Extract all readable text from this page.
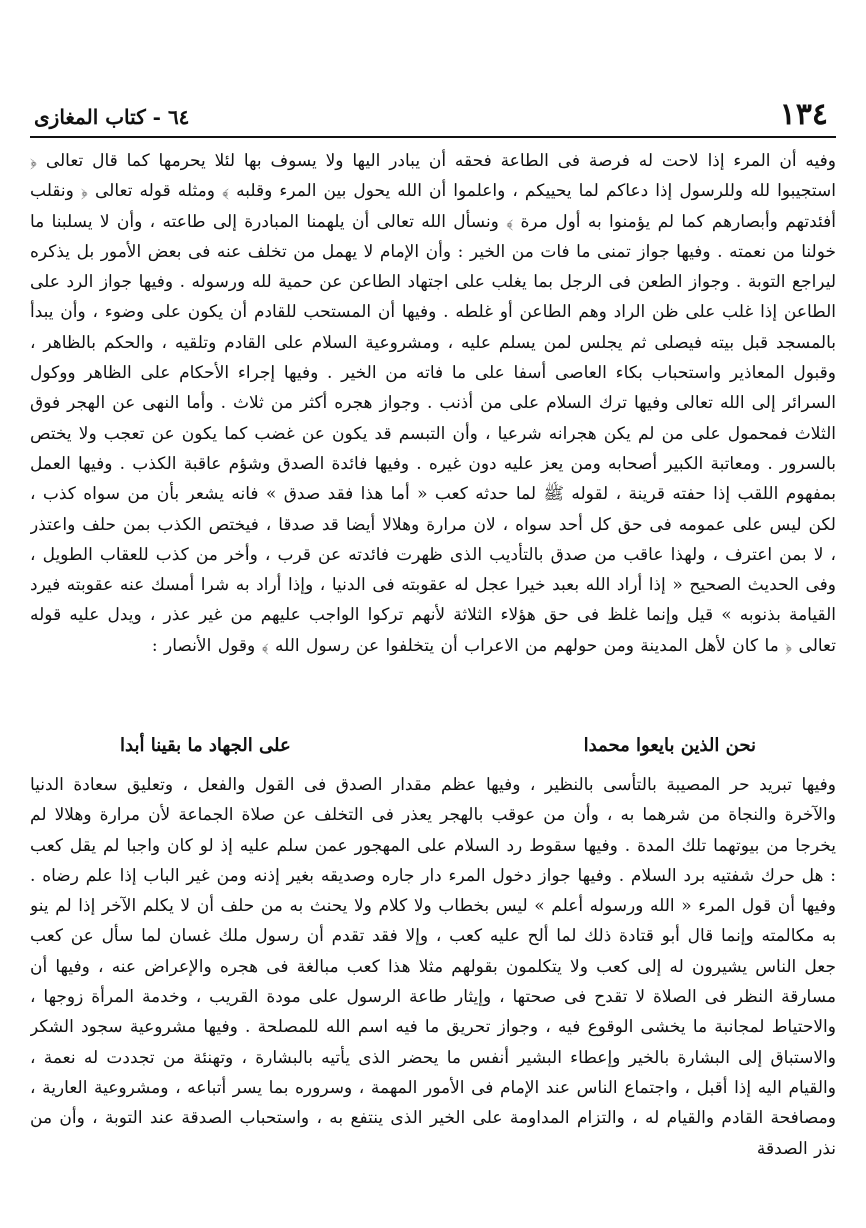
١٣٤
٦٤ - كتاب المغازى
وفيه أن المرء إذا لاحت له فرصة فى الطاعة فحقه أن يبادر اليها ولا يسوف بها لئلا يحرمها كما قال تعالى ﴿ استجيبوا لله وللرسول إذا دعاكم لما يحييكم ، واعلموا أن الله يحول بين المرء وقلبه ﴾ ومثله قوله تعالى ﴿ ونقلب أفئدتهم وأبصارهم كما لم يؤمنوا به أول مرة ﴾ ونسأل الله تعالى أن يلهمنا المبادرة إلى طاعته ، وأن لا يسلبنا ما خولنا من نعمته . وفيها جواز تمنى ما فات من الخير : وأن الإمام لا يهمل من تخلف عنه فى بعض الأمور بل يذكره ليراجع التوبة . وجواز الطعن فى الرجل بما يغلب على اجتهاد الطاعن عن حمية لله ورسوله . وفيها جواز الرد على الطاعن إذا غلب على ظن الراد وهم الطاعن أو غلطه . وفيها أن المستحب للقادم أن يكون على وضوء ، وأن يبدأ بالمسجد قبل بيته فيصلى ثم يجلس لمن يسلم عليه ، ومشروعية السلام على القادم وتلقيه ، والحكم بالظاهر ، وقبول المعاذير واستحباب بكاء العاصى أسفا على ما فاته من الخير . وفيها إجراء الأحكام على الظاهر ووكول السرائر إلى الله تعالى وفيها ترك السلام على من أذنب . وجواز هجره أكثر من ثلاث . وأما النهى عن الهجر فوق الثلاث فمحمول على من لم يكن هجرانه شرعيا ، وأن التبسم قد يكون عن غضب كما يكون عن تعجب ولا يختص بالسرور . ومعاتبة الكبير أصحابه ومن يعز عليه دون غيره . وفيها فائدة الصدق وشؤم عاقبة الكذب . وفيها العمل بمفهوم اللقب إذا حفته قرينة ، لقوله ﷺ لما حدثه كعب « أما هذا فقد صدق » فانه يشعر بأن من سواه كذب ، لكن ليس على عمومه فى حق كل أحد سواه ، لان مرارة وهلالا أيضا قد صدقا ، فيختص الكذب بمن حلف واعتذر ، لا بمن اعترف ، ولهذا عاقب من صدق بالتأديب الذى ظهرت فائدته عن قرب ، وأخر من كذب للعقاب الطويل ، وفى الحديث الصحيح « إذا أراد الله بعبد خيرا عجل له عقوبته فى الدنيا ، وإذا أراد به شرا أمسك عنه عقوبته فيرد القيامة بذنوبه » قيل وإنما غلظ فى حق هؤلاء الثلاثة لأنهم تركوا الواجب عليهم من غير عذر ، ويدل عليه قوله تعالى ﴿ ما كان لأهل المدينة ومن حولهم من الاعراب أن يتخلفوا عن رسول الله ﴾ وقول الأنصار :
نحن الذين بايعوا محمدا
على الجهاد ما بقينا أبدا
وفيها تبريد حر المصيبة بالتأسى بالنظير ، وفيها عظم مقدار الصدق فى القول والفعل ، وتعليق سعادة الدنيا والآخرة والنجاة من شرهما به ، وأن من عوقب بالهجر يعذر فى التخلف عن صلاة الجماعة لأن مرارة وهلالا لم يخرجا من بيوتهما تلك المدة . وفيها سقوط رد السلام على المهجور عمن سلم عليه إذ لو كان واجبا لم يقل كعب : هل حرك شفتيه برد السلام . وفيها جواز دخول المرء دار جاره وصديقه بغير إذنه ومن غير الباب إذا علم رضاه . وفيها أن قول المرء « الله ورسوله أعلم » ليس بخطاب ولا كلام ولا يحنث به من حلف أن لا يكلم الآخر إذا لم ينو به مكالمته وإنما قال أبو قتادة ذلك لما ألح عليه كعب ، وإلا فقد تقدم أن رسول ملك غسان لما سأل عن كعب جعل الناس يشيرون له إلى كعب ولا يتكلمون بقولهم مثلا هذا كعب مبالغة فى هجره والإعراض عنه ، وفيها أن مسارقة النظر فى الصلاة لا تقدح فى صحتها ، وإيثار طاعة الرسول على مودة القريب ، وخدمة المرأة زوجها ، والاحتياط لمجانبة ما يخشى الوقوع فيه ، وجواز تحريق ما فيه اسم الله للمصلحة . وفيها مشروعية سجود الشكر والاستباق إلى البشارة بالخير وإعطاء البشير أنفس ما يحضر الذى يأتيه بالبشارة ، وتهنئة من تجددت له نعمة ، والقيام اليه إذا أقبل ، واجتماع الناس عند الإمام فى الأمور المهمة ، وسروره بما يسر أتباعه ، ومشروعية العارية ، ومصافحة القادم والقيام له ، والتزام المداومة على الخير الذى ينتفع به ، واستحباب الصدقة عند التوبة ، وأن من نذر الصدقة
